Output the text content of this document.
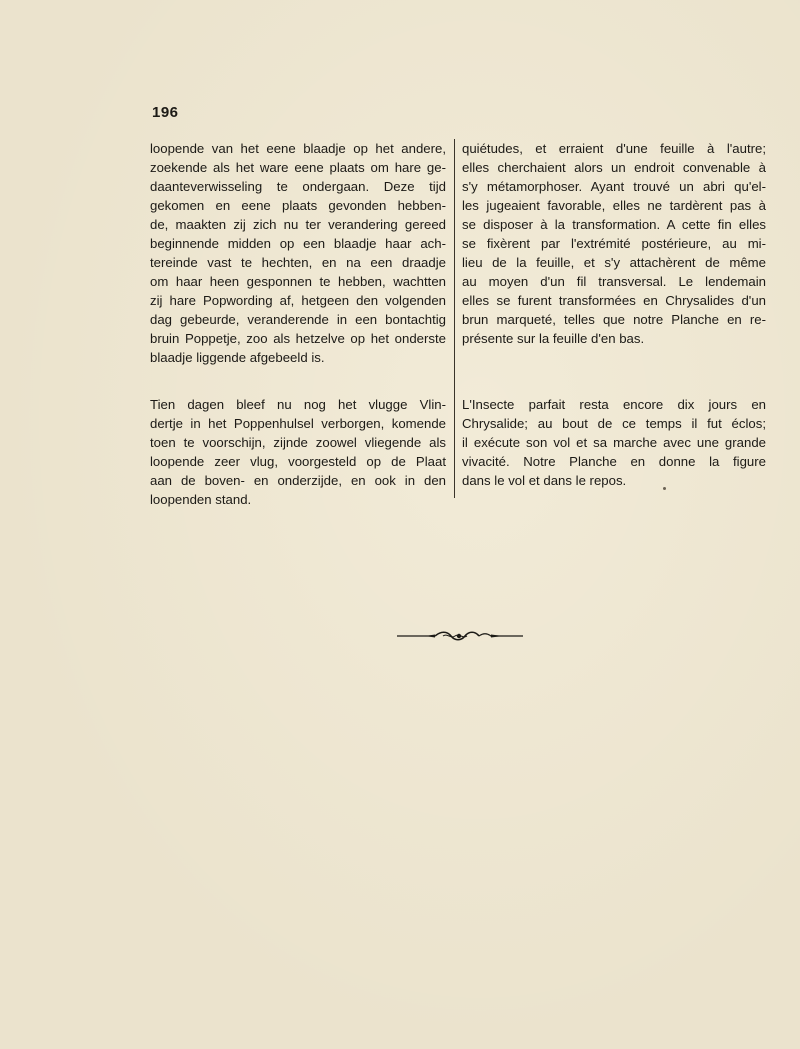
196

loopende van het eene blaadje op het andere,
zoekende als het ware eene plaats om hare ge-
daanteverwisseling te ondergaan. Deze tijd
gekomen en eene plaats gevonden hebben-
de, maakten zij zich nu ter verandering gereed
beginnende midden op een blaadje haar ach-
tereinde vast te hechten, en na een draadje
om haar heen gesponnen te hebben, wachtten
zij hare Popwording af, hetgeen den volgenden
dag gebeurde, veranderende in een bontachtig
bruin Poppetje, zoo als hetzelve op het onderste
blaadje liggende afgebeeld is.

quiétudes, et erraient d'une feuille à l'autre;
elles cherchaient alors un endroit convenable à
s'y métamorphoser. Ayant trouvé un abri qu'el-
les jugeaient favorable, elles ne tardèrent pas à
se disposer à la transformation. A cette fin elles
se fixèrent par l'extrémité postérieure, au mi-
lieu de la feuille, et s'y attachèrent de même
au moyen d'un fil transversal. Le lendemain
elles se furent transformées en Chrysalides d'un
brun marqueté, telles que notre Planche en re-
présente sur la feuille d'en bas.

Tien dagen bleef nu nog het vlugge Vlin-
dertje in het Poppenhulsel verborgen, komende
toen te voorschijn, zijnde zoowel vliegende als
loopende zeer vlug, voorgesteld op de Plaat
aan de boven- en onderzijde, en ook in den
loopenden stand.

L'Insecte parfait resta encore dix jours en
Chrysalide; au bout de ce temps il fut éclos;
il exécute son vol et sa marche avec une grande
vivacité. Notre Planche en donne la figure
dans le vol et dans le repos.
